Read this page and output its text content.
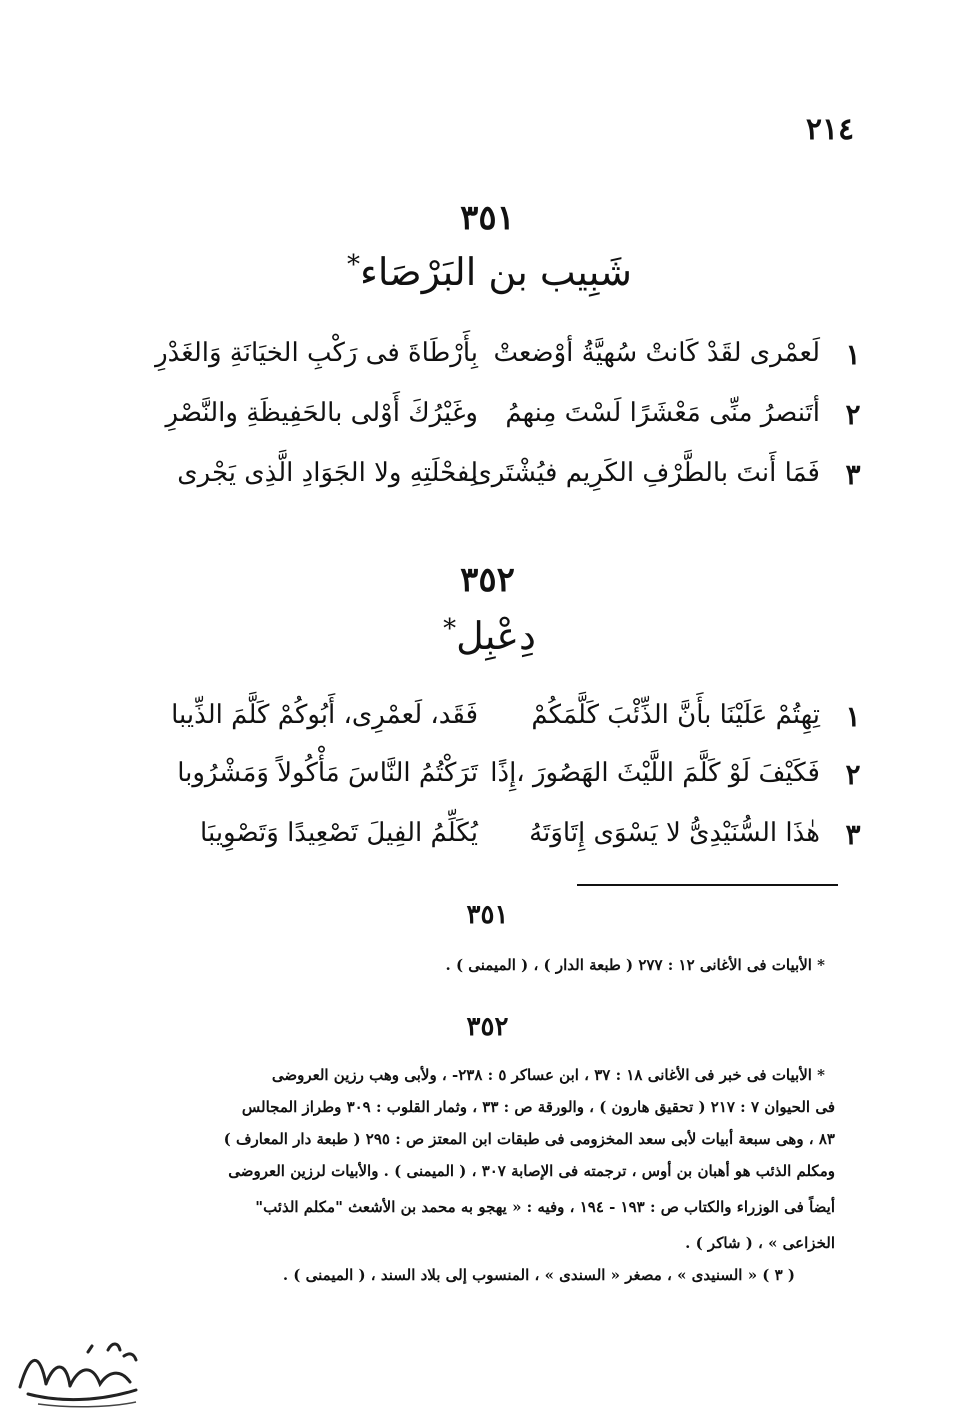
٢١٤
٣٥١
شَبِيب بن البَرْصَاء*
١
لَعمْرى لقَدْ كَانتْ سُهيَّةُ أوْضعتْ
بِأَرْطَاةَ فى رَكْبِ الخيَانَةِ وَالغَدْرِ
٢
أتَنصرُ منِّى مَعْشَرًا لَسْتَ مِنهمُ
وغَيْرُكَ أَوْلى بالحَفِيظَةِ والنَّصْرِ
٣
فَمَا أَنتَ بالطَّرْفِ الكَرِيم فيُشْتَرى
لِفحْلَتِهِ ولا الجَوَادِ الَّذِى يَجْرى
٣٥٢
دِعْبِل*
١
تِهِتُمْ عَلَيْنَا بأَنَّ الذِّئْبَ كَلَّمَكُمْ
فَقَد، لَعمْرِى، أَبُوكُمْ كَلَّمَ الذِّيبا
٢
فَكَيْفَ لَوْ كَلَّمَ اللَّيْثَ الهَصُورَ ،إِذًا
تَرَكْتُمُ النَّاسَ مَأْكُولاً وَمَشْرُوبا
٣
هٰذَا السُّنَيْدِىُّ لا يَسْوَى إِتَاوَتَهُ
يُكَلِّمُ الفِيلَ تَصْعِيدًا وَتَصْوِيبَا
٣٥١
* الأبيات فى الأغانى ١٢ : ٢٧٧ ( طبعة الدار ) ، ( الميمنى ) .
٣٥٢
* الأبيات فى خبر فى الأغانى ١٨ : ٣٧ ، ابن عساكر ٥ : ٢٣٨- ، ولأبى وهب رزين العروضى
فى الحيوان ٧ : ٢١٧ ( تحقيق هارون ) ، والورقة ص : ٣٣ ، وثمار القلوب : ٣٠٩ وطراز المجالس
٨٣ ، وهى سبعة أبيات لأبى سعد المخزومى فى طبقات ابن المعتز ص : ٢٩٥ ( طبعة دار المعارف )
ومكلم الذئب هو أهبان بن أوس ، ترجمته فى الإصابة ٣٠٧ ، ( الميمنى ) . والأبيات لرزين العروضى
أيضاً فى الوزراء والكتاب ص : ١٩٣ - ١٩٤ ، وفيه : « يهجو به محمد بن الأشعث "مكلم الذئب"
الخزاعى » ، ( شاكر ) .
( ٣ ) « السنيدى » ، مصغر « السندى » ، المنسوب إلى بلاد السند ، ( الميمنى ) .
